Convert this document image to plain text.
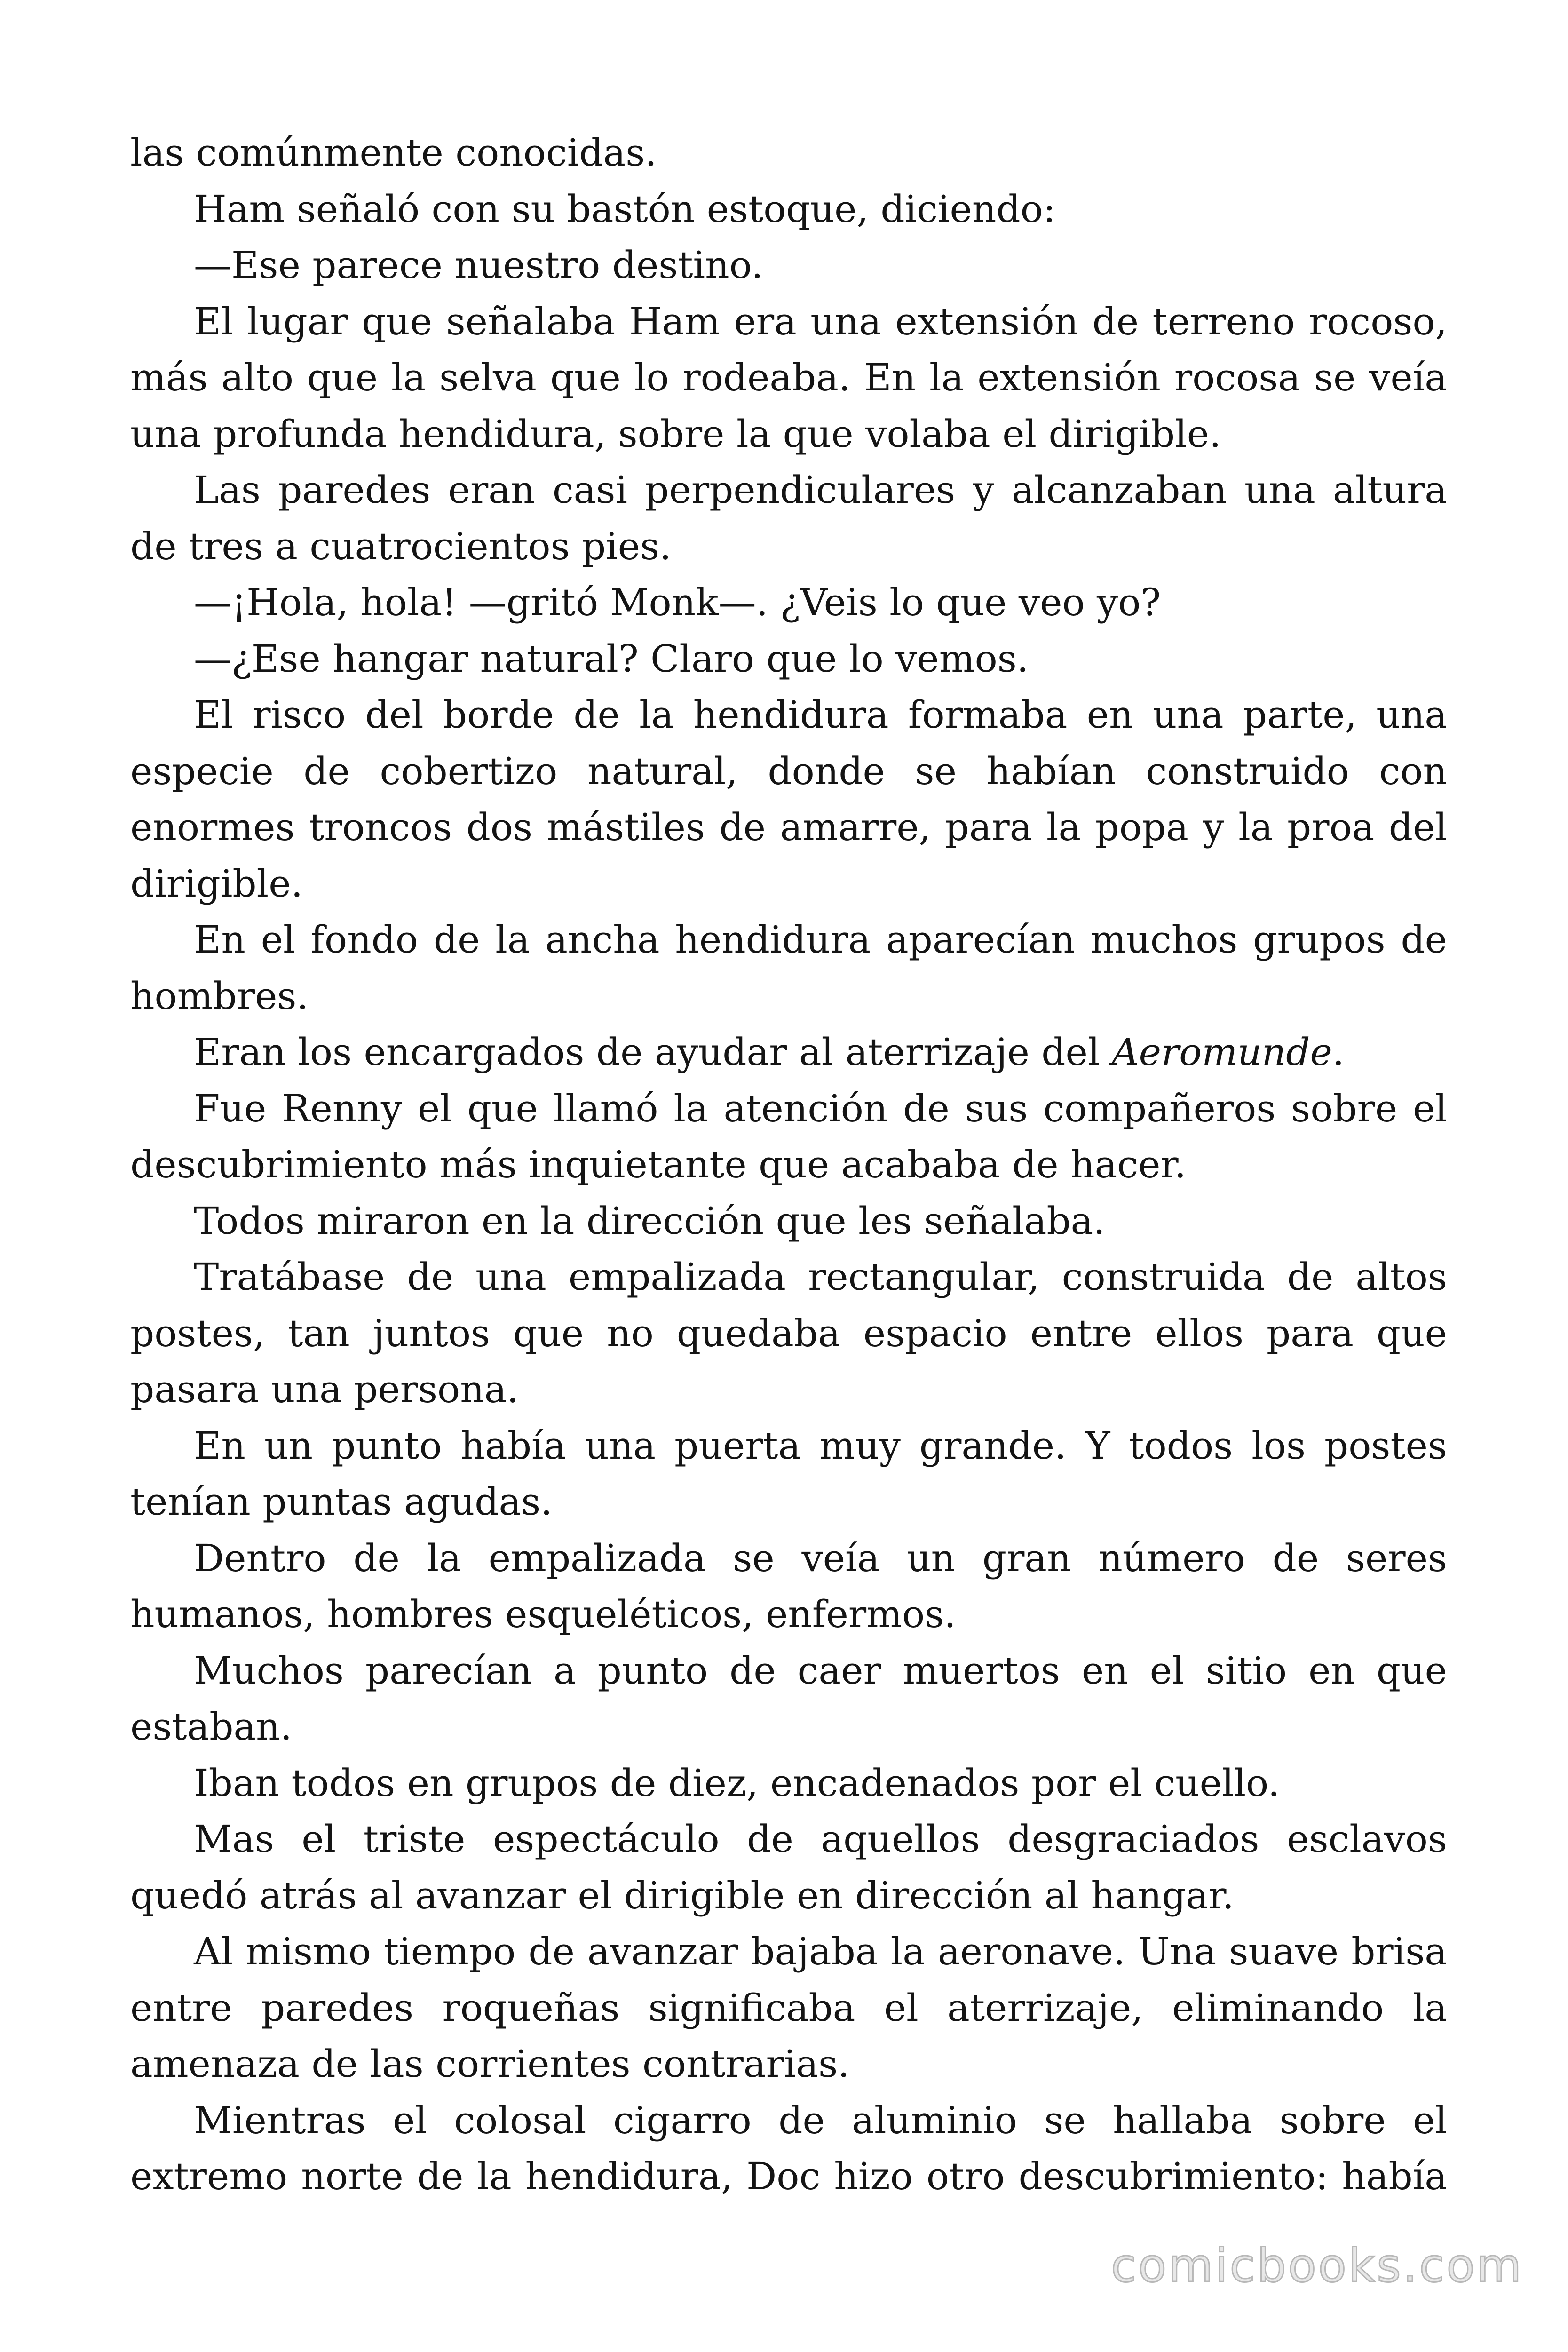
las comúnmente conocidas.

Ham señaló con su bastón estoque, diciendo:

—Ese parece nuestro destino.

El lugar que señalaba Ham era una extensión de terreno rocoso, más alto que la selva que lo rodeaba. En la extensión rocosa se veía una profunda hendidura, sobre la que volaba el dirigible.

Las paredes eran casi perpendiculares y alcanzaban una altura de tres a cuatrocientos pies.

—¡Hola, hola! —gritó Monk—. ¿Veis lo que veo yo?

—¿Ese hangar natural? Claro que lo vemos.

El risco del borde de la hendidura formaba en una parte, una especie de cobertizo natural, donde se habían construido con enormes troncos dos mástiles de amarre, para la popa y la proa del dirigible.

En el fondo de la ancha hendidura aparecían muchos grupos de hombres.

Eran los encargados de ayudar al aterrizaje del Aeromunde.

Fue Renny el que llamó la atención de sus compañeros sobre el descubrimiento más inquietante que acababa de hacer.

Todos miraron en la dirección que les señalaba.

Tratábase de una empalizada rectangular, construida de altos postes, tan juntos que no quedaba espacio entre ellos para que pasara una persona.

En un punto había una puerta muy grande. Y todos los postes tenían puntas agudas.

Dentro de la empalizada se veía un gran número de seres humanos, hombres esqueléticos, enfermos.

Muchos parecían a punto de caer muertos en el sitio en que estaban.

Iban todos en grupos de diez, encadenados por el cuello.

Mas el triste espectáculo de aquellos desgraciados esclavos quedó atrás al avanzar el dirigible en dirección al hangar.

Al mismo tiempo de avanzar bajaba la aeronave. Una suave brisa entre paredes roqueñas significaba el aterrizaje, eliminando la amenaza de las corrientes contrarias.

Mientras el colosal cigarro de aluminio se hallaba sobre el extremo norte de la hendidura, Doc hizo otro descubrimiento: había

comicbooks.com
